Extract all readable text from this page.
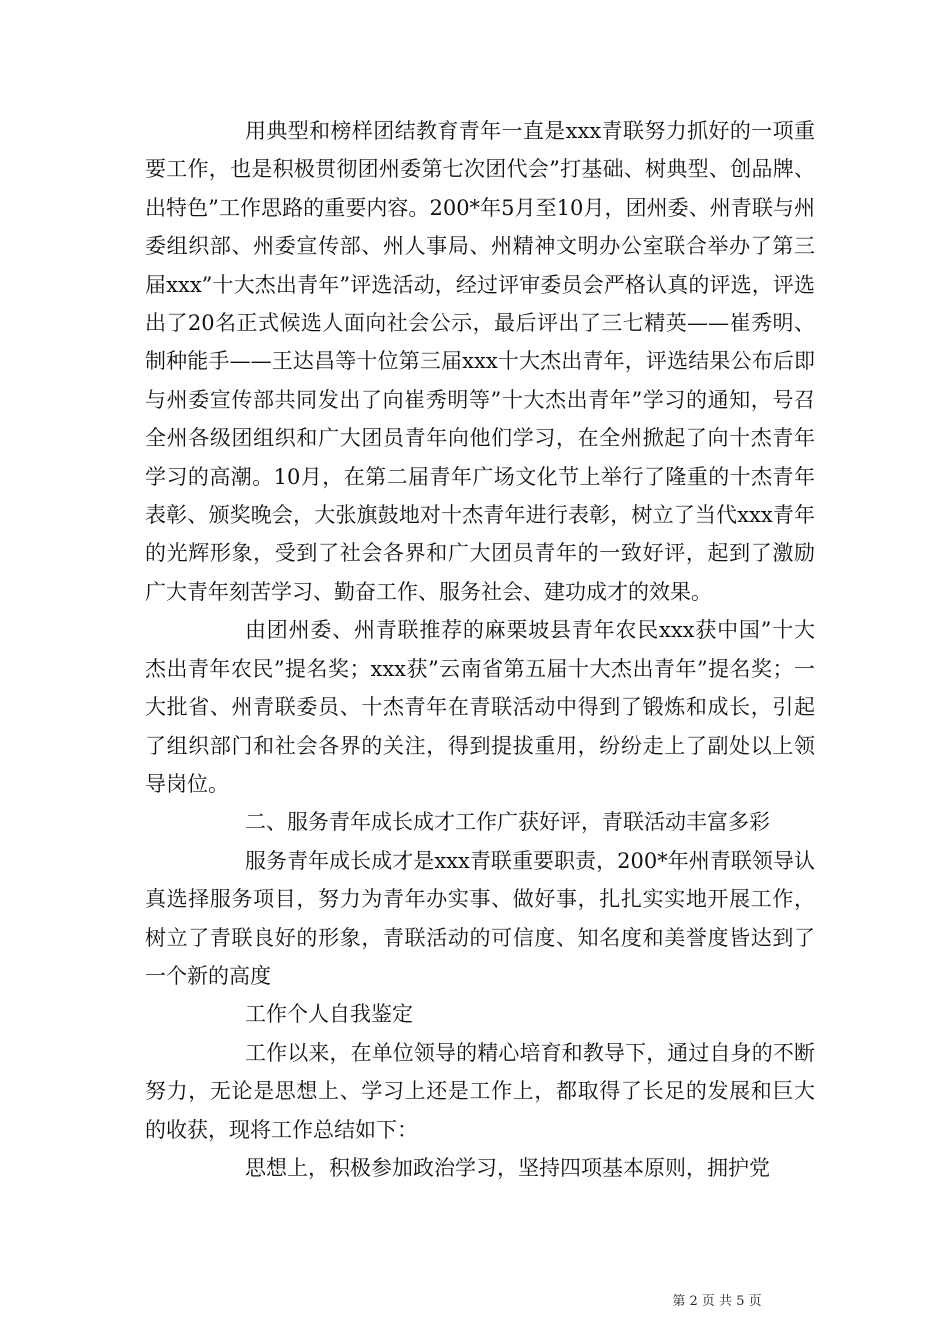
用典型和榜样团结教育青年一直是xxx青联努力抓好的一项重要工作，也是积极贯彻团州委第七次团代会”打基础、树典型、创品牌、出特色”工作思路的重要内容。200*年5月至10月，团州委、州青联与州委组织部、州委宣传部、州人事局、州精神文明办公室联合举办了第三届xxx”十大杰出青年”评选活动，经过评审委员会严格认真的评选，评选出了20名正式候选人面向社会公示，最后评出了三七精英——崔秀明、制种能手——王达昌等十位第三届xxx十大杰出青年，评选结果公布后即与州委宣传部共同发出了向崔秀明等”十大杰出青年”学习的通知，号召全州各级团组织和广大团员青年向他们学习，在全州掀起了向十杰青年学习的高潮。10月，在第二届青年广场文化节上举行了隆重的十杰青年表彰、颁奖晚会，大张旗鼓地对十杰青年进行表彰，树立了当代xxx青年的光辉形象，受到了社会各界和广大团员青年的一致好评，起到了激励广大青年刻苦学习、勤奋工作、服务社会、建功成才的效果。

由团州委、州青联推荐的麻栗坡县青年农民xxx获中国”十大杰出青年农民”提名奖；xxx获”云南省第五届十大杰出青年”提名奖；一大批省、州青联委员、十杰青年在青联活动中得到了锻炼和成长，引起了组织部门和社会各界的关注，得到提拔重用，纷纷走上了副处以上领导岗位。

二、服务青年成长成才工作广获好评，青联活动丰富多彩

服务青年成长成才是xxx青联重要职责，200*年州青联领导认真选择服务项目，努力为青年办实事、做好事，扎扎实实地开展工作，树立了青联良好的形象，青联活动的可信度、知名度和美誉度皆达到了一个新的高度

工作个人自我鉴定

工作以来，在单位领导的精心培育和教导下，通过自身的不断努力，无论是思想上、学习上还是工作上，都取得了长足的发展和巨大的收获，现将工作总结如下：

思想上，积极参加政治学习，坚持四项基本原则，拥护党

第 2 页 共 5 页
